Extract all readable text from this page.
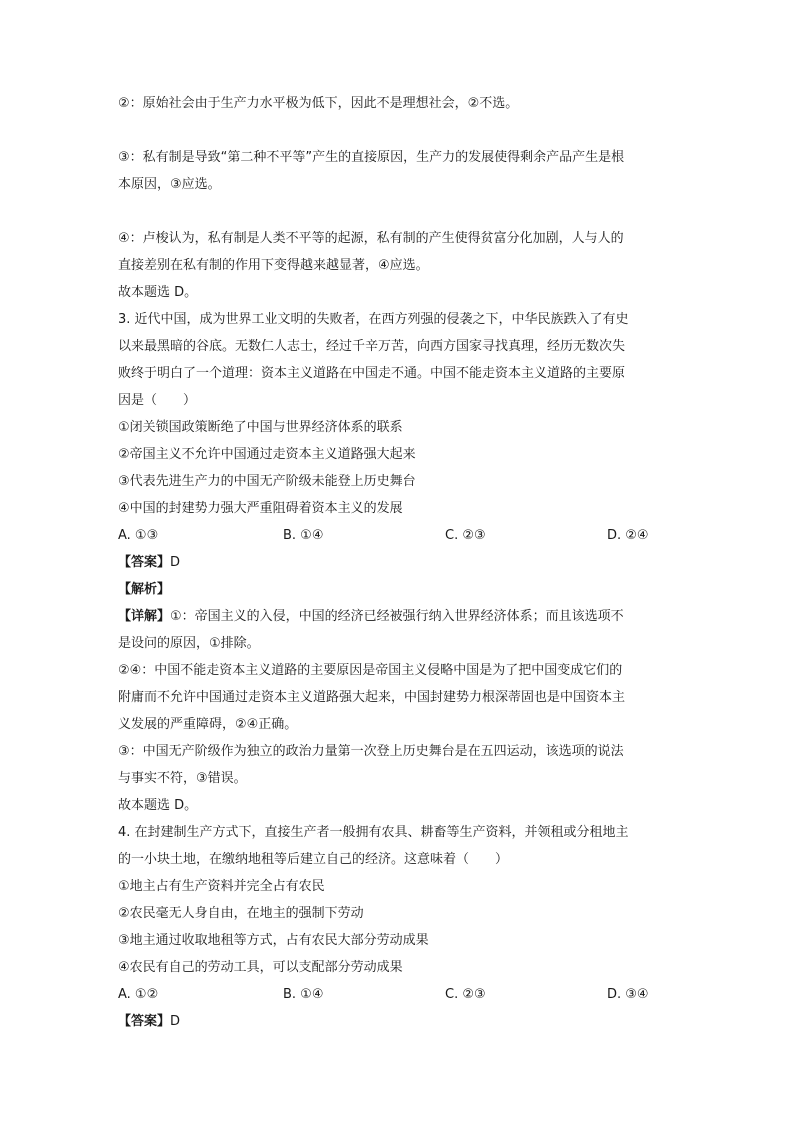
②：原始社会由于生产力水平极为低下，因此不是理想社会，②不选。
③：私有制是导致“第二种不平等”产生的直接原因，生产力的发展使得剩余产品产生是根
本原因，③应选。
④：卢梭认为，私有制是人类不平等的起源，私有制的产生使得贫富分化加剧，人与人的
直接差别在私有制的作用下变得越来越显著，④应选。
故本题选 D。
3. 近代中国，成为世界工业文明的失败者，在西方列强的侵袭之下，中华民族跌入了有史
以来最黑暗的谷底。无数仁人志士，经过千辛万苦，向西方国家寻找真理，经历无数次失
败终于明白了一个道理：资本主义道路在中国走不通。中国不能走资本主义道路的主要原
因是（　　）
①闭关锁国政策断绝了中国与世界经济体系的联系
②帝国主义不允许中国通过走资本主义道路强大起来
③代表先进生产力的中国无产阶级未能登上历史舞台
④中国的封建势力强大严重阻碍着资本主义的发展
A. ①③	B. ①④	C. ②③	D. ②④
【答案】D
【解析】
【详解】①：帝国主义的入侵，中国的经济已经被强行纳入世界经济体系；而且该选项不
是设问的原因，①排除。
②④：中国不能走资本主义道路的主要原因是帝国主义侵略中国是为了把中国变成它们的
附庸而不允许中国通过走资本主义道路强大起来，中国封建势力根深蒂固也是中国资本主
义发展的严重障碍，②④正确。
③：中国无产阶级作为独立的政治力量第一次登上历史舞台是在五四运动，该选项的说法
与事实不符，③错误。
故本题选 D。
4. 在封建制生产方式下，直接生产者一般拥有农具、耕畜等生产资料，并领租或分租地主
的一小块土地，在缴纳地租等后建立自己的经济。这意味着（　　）
①地主占有生产资料并完全占有农民
②农民毫无人身自由，在地主的强制下劳动
③地主通过收取地租等方式，占有农民大部分劳动成果
④农民有自己的劳动工具，可以支配部分劳动成果
A. ①②	B. ①④	C. ②③	D. ③④
【答案】D
